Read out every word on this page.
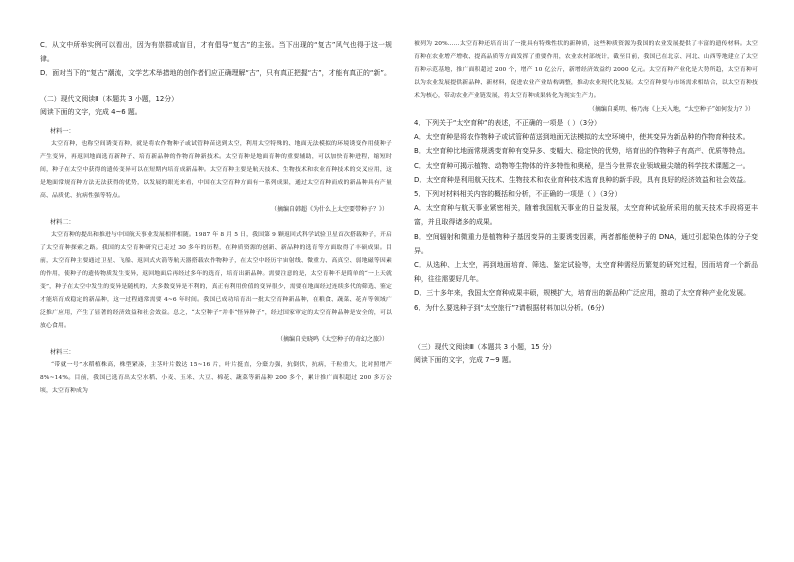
C．从文中所举实例可以看出，因为有崇群或盲目，才有倡导“复古”的主张。当下出现的“复古”风气也得于这一规律。

D．面对当下的“复古”潮流，文学艺术举措地的创作者们应正确理解“古”，只有真正把握“古”，才能有真正的“新”。

（二）现代文阅读Ⅱ（本题共 3 小题，12分）

阅读下面的文字，完成 4~6 题。

材料一：

太空育种，也称空间诱变育种，就是将农作物种子或试管种苗送到太空，利用太空特殊的、地面无法模拟的环境诱变作用使种子产生变异，再返回地面选育新种子、培育新品种的作物育种新技术。太空育种是地面育种的重要辅助，可以加快育种进程，缩短时间，种子在太空中获得的遗传变异可以在短期内培育成新品种。太空育种主要是航天技术、生物技术和农业育种技术的交叉应用，这是地面常规育种方法无法获得的优势，以发展的眼光来看，中国在太空育种方面有一系列成果，通过太空育种而成的新品种具有产量高、品质优、抗病性强等特点。

（摘编自韩超《为什么上太空要带种子？》）

材料二：

太空育种的提出和推进与中国航天事业发展相伴相随。1987 年 8 月 5 日，我国第 9 颗返回式科学试验卫星首次搭载种子，开启了太空育种探索之路。我国的太空育种研究已走过 30 多年的历程，在种质资源的创新、新品种的选育等方面取得了丰硕成果。目前，太空育种主要通过卫星、飞船、返回式火箭等航天器搭载农作物种子，在太空中经历宇宙射线、微重力、高真空、弱地磁等因素的作用，使种子的遗传物质发生变异，返回地面后再经过多年的选育，培育出新品种。需要注意的是，太空育种不是简单的“一上天就变”，种子在太空中发生的变异是随机的，大多数变异是不利的，真正有利用价值的变异很少，需要在地面经过连续多代的筛选、鉴定才能培育成稳定的新品种，这一过程通常需要 4~6 年时间。我国已成功培育出一批太空育种新品种，在粮食、蔬菜、花卉等领域广泛推广应用，产生了显著的经济效益和社会效益。总之，“太空种子”并非“怪异种子”，经过国家审定的太空育种品种是安全的，可以放心食用。

（摘编自史晓鸣《太空种子的奇幻之旅》）

材料三：

“带就一号”水稻植株高，株型紧凑，主茎叶片数达 15~16 片，叶片挺直，分蘖力强，抗倒伏，抗病，千粒重大，比对照增产 8%~14%。目前，我国已选育出太空水稻、小麦、玉米、大豆、棉花、蔬菜等新品种 200 多个，累计推广面积超过 200 多万公顷，太空育种成为

被列为 20%……太空育种还培育出了一批具有特殊性状的新种质，这些种质资源为我国的农业发展提供了丰富的遗传材料。太空育种在农业增产增收、提高品质等方面发挥了重要作用，农业农村部统计，截至目前，我国已在北京、河北、山西等地建立了太空育种示范基地，推广面积超过 200 个，增产 10 亿公斤，新增经济效益约 2000 亿元。太空育种产业化是大势所趋，太空育种可以为农业发展提供新品种、新材料，促进农业产业结构调整，推动农业现代化发展。太空育种要与市场需求相结合，以太空育种技术为核心，带动农业产业链发展，将太空育种成果转化为现实生产力。

（摘编自奚明、杨乃海《上天入地，“太空种子”如何发力？》）

4．下列关于“太空育种”的表述，不正确的一项是（ ）（3分）

A．太空育种是将农作物种子或试管种苗送到地面无法模拟的太空环境中，使其变异为新品种的作物育种技术。

B．太空育种比地面常规诱变育种有变异多、变幅大、稳定快的优势，培育出的作物种子有高产、优质等特点。

C．太空育种可揭示植物、动物等生物体的许多特性和奥秘，是当今世界农业领域最尖端的科学技术课题之一。

D．太空育种是利用航天技术、生物技术和农业育种技术选育良种的新手段，具有良好的经济效益和社会效益。

5．下列对材料相关内容的概括和分析，不正确的一项是（ ）（3分）

A．太空育种与航天事业紧密相关，随着我国航天事业的日益发展，太空育种试验所采用的航天技术手段将更丰富，并且取得诸多的成果。

B．空间辐射和微重力是植物种子基因变异的主要诱变因素，两者都能使种子的 DNA，通过引起染色体的分子变异。

C．从选种、上太空，再到地面培育、筛选、鉴定试验等，太空育种需经历繁复的研究过程，因而培育一个新品种，往往需要好几年。

D．三十多年来，我国太空育种成果丰硕，规模扩大，培育出的新品种广泛应用，推动了太空育种产业化发展。

6．为什么要选种子到“太空旅行”?请根据材料加以分析。(6分)

（三）现代文阅读Ⅲ（本题共 3 小题，15 分）

阅读下面的文字，完成 7~9 题。
